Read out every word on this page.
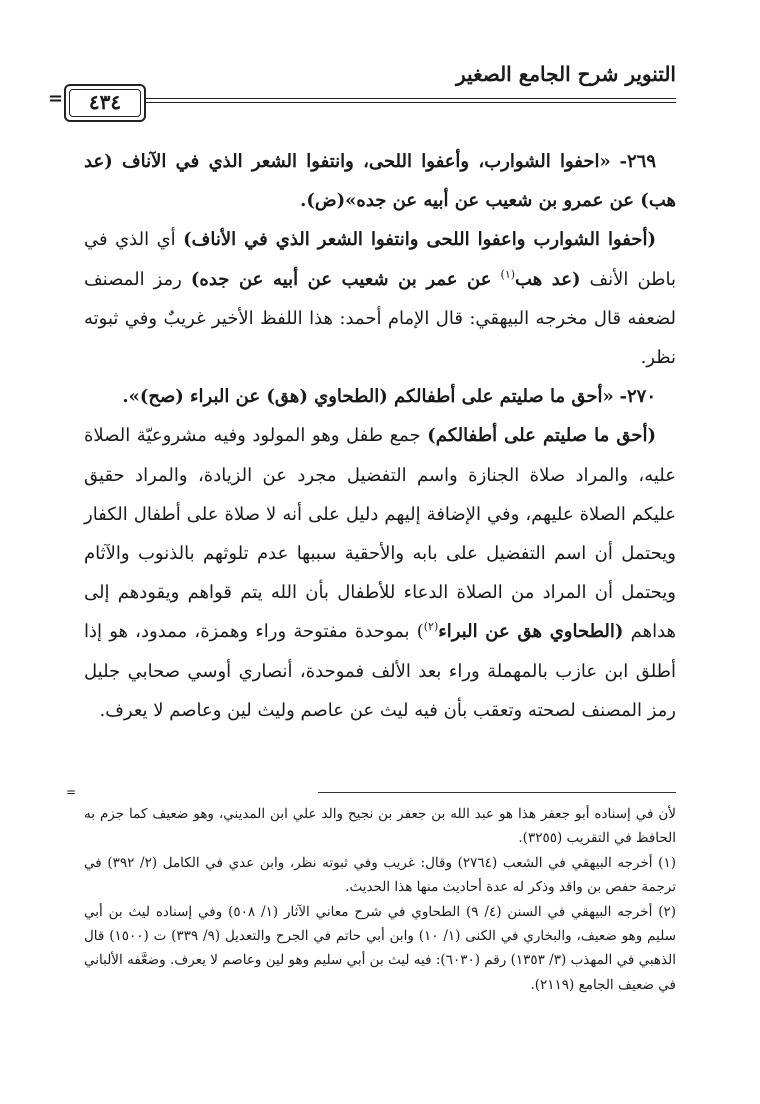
التنوير شرح الجامع الصغير
٤٣٤
=

٢٦٩- «احفوا الشوارب، وأعفوا اللحى، وانتفوا الشعر الذي في الآناف (عد هب) عن عمرو بن شعيب عن أبيه عن جده»(ض).

(أحفوا الشوارب واعفوا اللحى وانتفوا الشعر الذي في الأناف) أي الذي في باطن الأنف (عد هب$^{(١)}$ عن عمر بن شعيب عن أبيه عن جده) رمز المصنف لضعفه قال مخرجه البيهقي: قال الإمام أحمد: هذا اللفظ الأخير غريبٌ وفي ثبوته نظر.

٢٧٠- «أحق ما صليتم على أطفالكم (الطحاوي (هق) عن البراء (صح)».

(أحق ما صليتم على أطفالكم) جمع طفل وهو المولود وفيه مشروعيّة الصلاة عليه، والمراد صلاة الجنازة واسم التفضيل مجرد عن الزيادة، والمراد حقيق عليكم الصلاة عليهم، وفي الإضافة إليهم دليل على أنه لا صلاة على أطفال الكفار ويحتمل أن اسم التفضيل على بابه والأحقية سببها عدم تلوثهم بالذنوب والآثام ويحتمل أن المراد من الصلاة الدعاء للأطفال بأن الله يتم قواهم ويقودهم إلى هداهم (الطحاوي هق عن البراء$^{(٢)}$) بموحدة مفتوحة وراء وهمزة، ممدود، هو إذا أطلق ابن عازب بالمهملة وراء بعد الألف فموحدة، أنصاري أوسي صحابي جليل رمز المصنف لصحته وتعقب بأن فيه ليث عن عاصم وليث لين وعاصم لا يعرف.

=

لأن في إسناده أبو جعفر هذا هو عبد الله بن جعفر بن نجيح والد علي ابن المديني، وهو ضعيف كما جزم به الحافظ في التقريب (٣٢٥٥).

(١) أخرجه البيهقي في الشعب (٢٧٦٤) وقال: غريب وفي ثبوته نظر، وابن عدي في الكامل (٢/ ٣٩٢) في ترجمة حفص بن واقد وذكر له عدة أحاديث منها هذا الحديث.

(٢) أخرجه البيهقي في السنن (٤/ ٩) الطحاوي في شرح معاني الآثار (١/ ٥٠٨) وفي إسناده ليث بن أبي سليم وهو ضعيف، والبخاري في الكنى (١/ ١٠) وابن أبي حاتم في الجرح والتعديل (٩/ ٣٣٩) ت (١٥٠٠) قال الذهبي في المهذب (٣/ ١٣٥٣) رقم (٦٠٣٠): فيه ليث بن أبي سليم وهو لين وعاصم لا يعرف. وضعَّفه الألباني في ضعيف الجامع (٢١١٩).
